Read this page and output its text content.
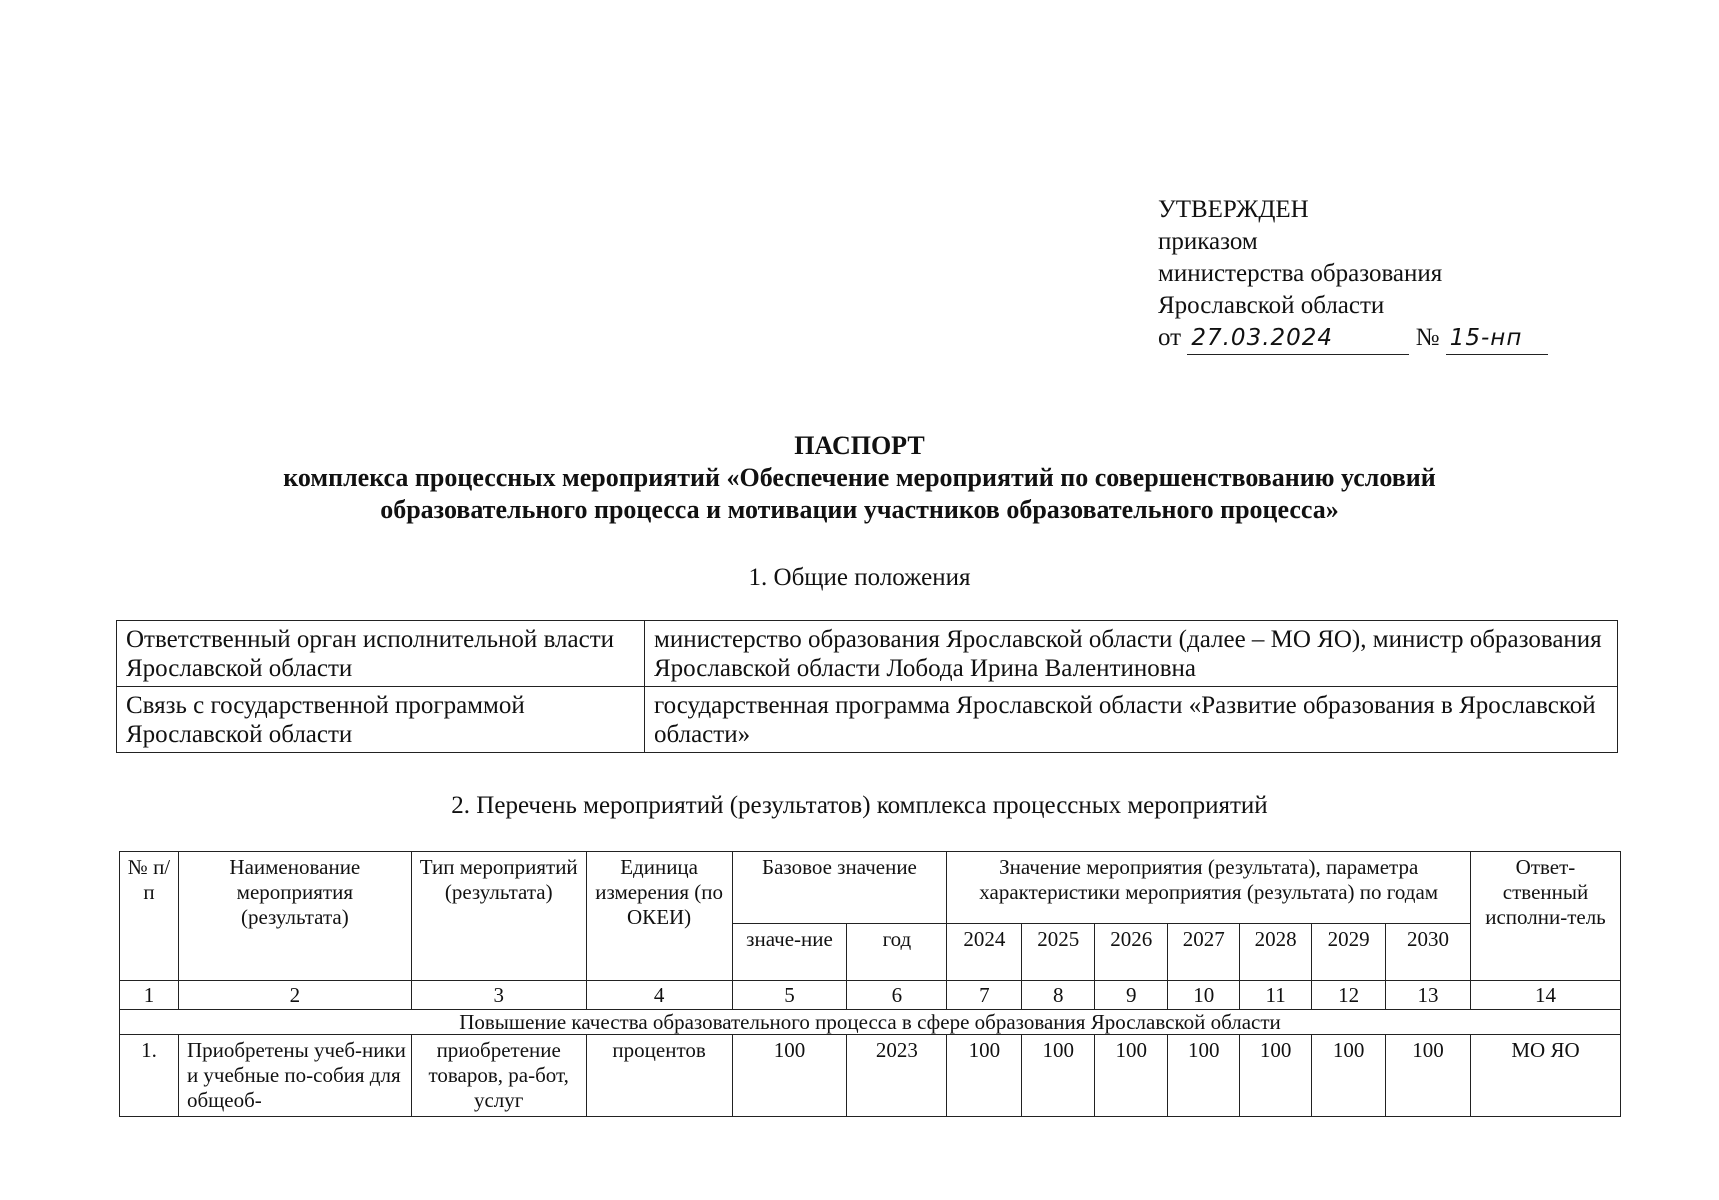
УТВЕРЖДЕН
приказом
министерства образования
Ярославской области
от 27.03.2024	№ 15-нп
ПАСПОРТ
комплекса процессных мероприятий «Обеспечение мероприятий по совершенствованию условий
образовательного процесса и мотивации участников образовательного процесса»
1. Общие положения
Ответственный орган исполнительной власти Ярославской области	министерство образования Ярославской области (далее – МО ЯО), министр образования Ярославской области Лобода Ирина Валентиновна
Связь с государственной программой Ярославской области	государственная программа Ярославской области «Развитие образования в Ярославской области»
2. Перечень мероприятий (результатов) комплекса процессных мероприятий
№ п/п	Наименование мероприятия (результата)	Тип мероприятий (результата)	Единица измерения (по ОКЕИ)	Базовое значение		Значение мероприятия (результата), параметра характеристики мероприятия (результата) по годам							Ответ-ственный исполни-тель
				значе-ние	год	2024	2025	2026	2027	2028	2029	2030	
1	2	3	4	5	6	7	8	9	10	11	12	13	14
Повышение качества образовательного процесса в сфере образования Ярославской области													
1.	Приобретены учеб-ники и учебные по-собия для общеоб-	приобретение товаров, ра-бот, услуг	процентов	100	2023	100	100	100	100	100	100	100	МО ЯО
